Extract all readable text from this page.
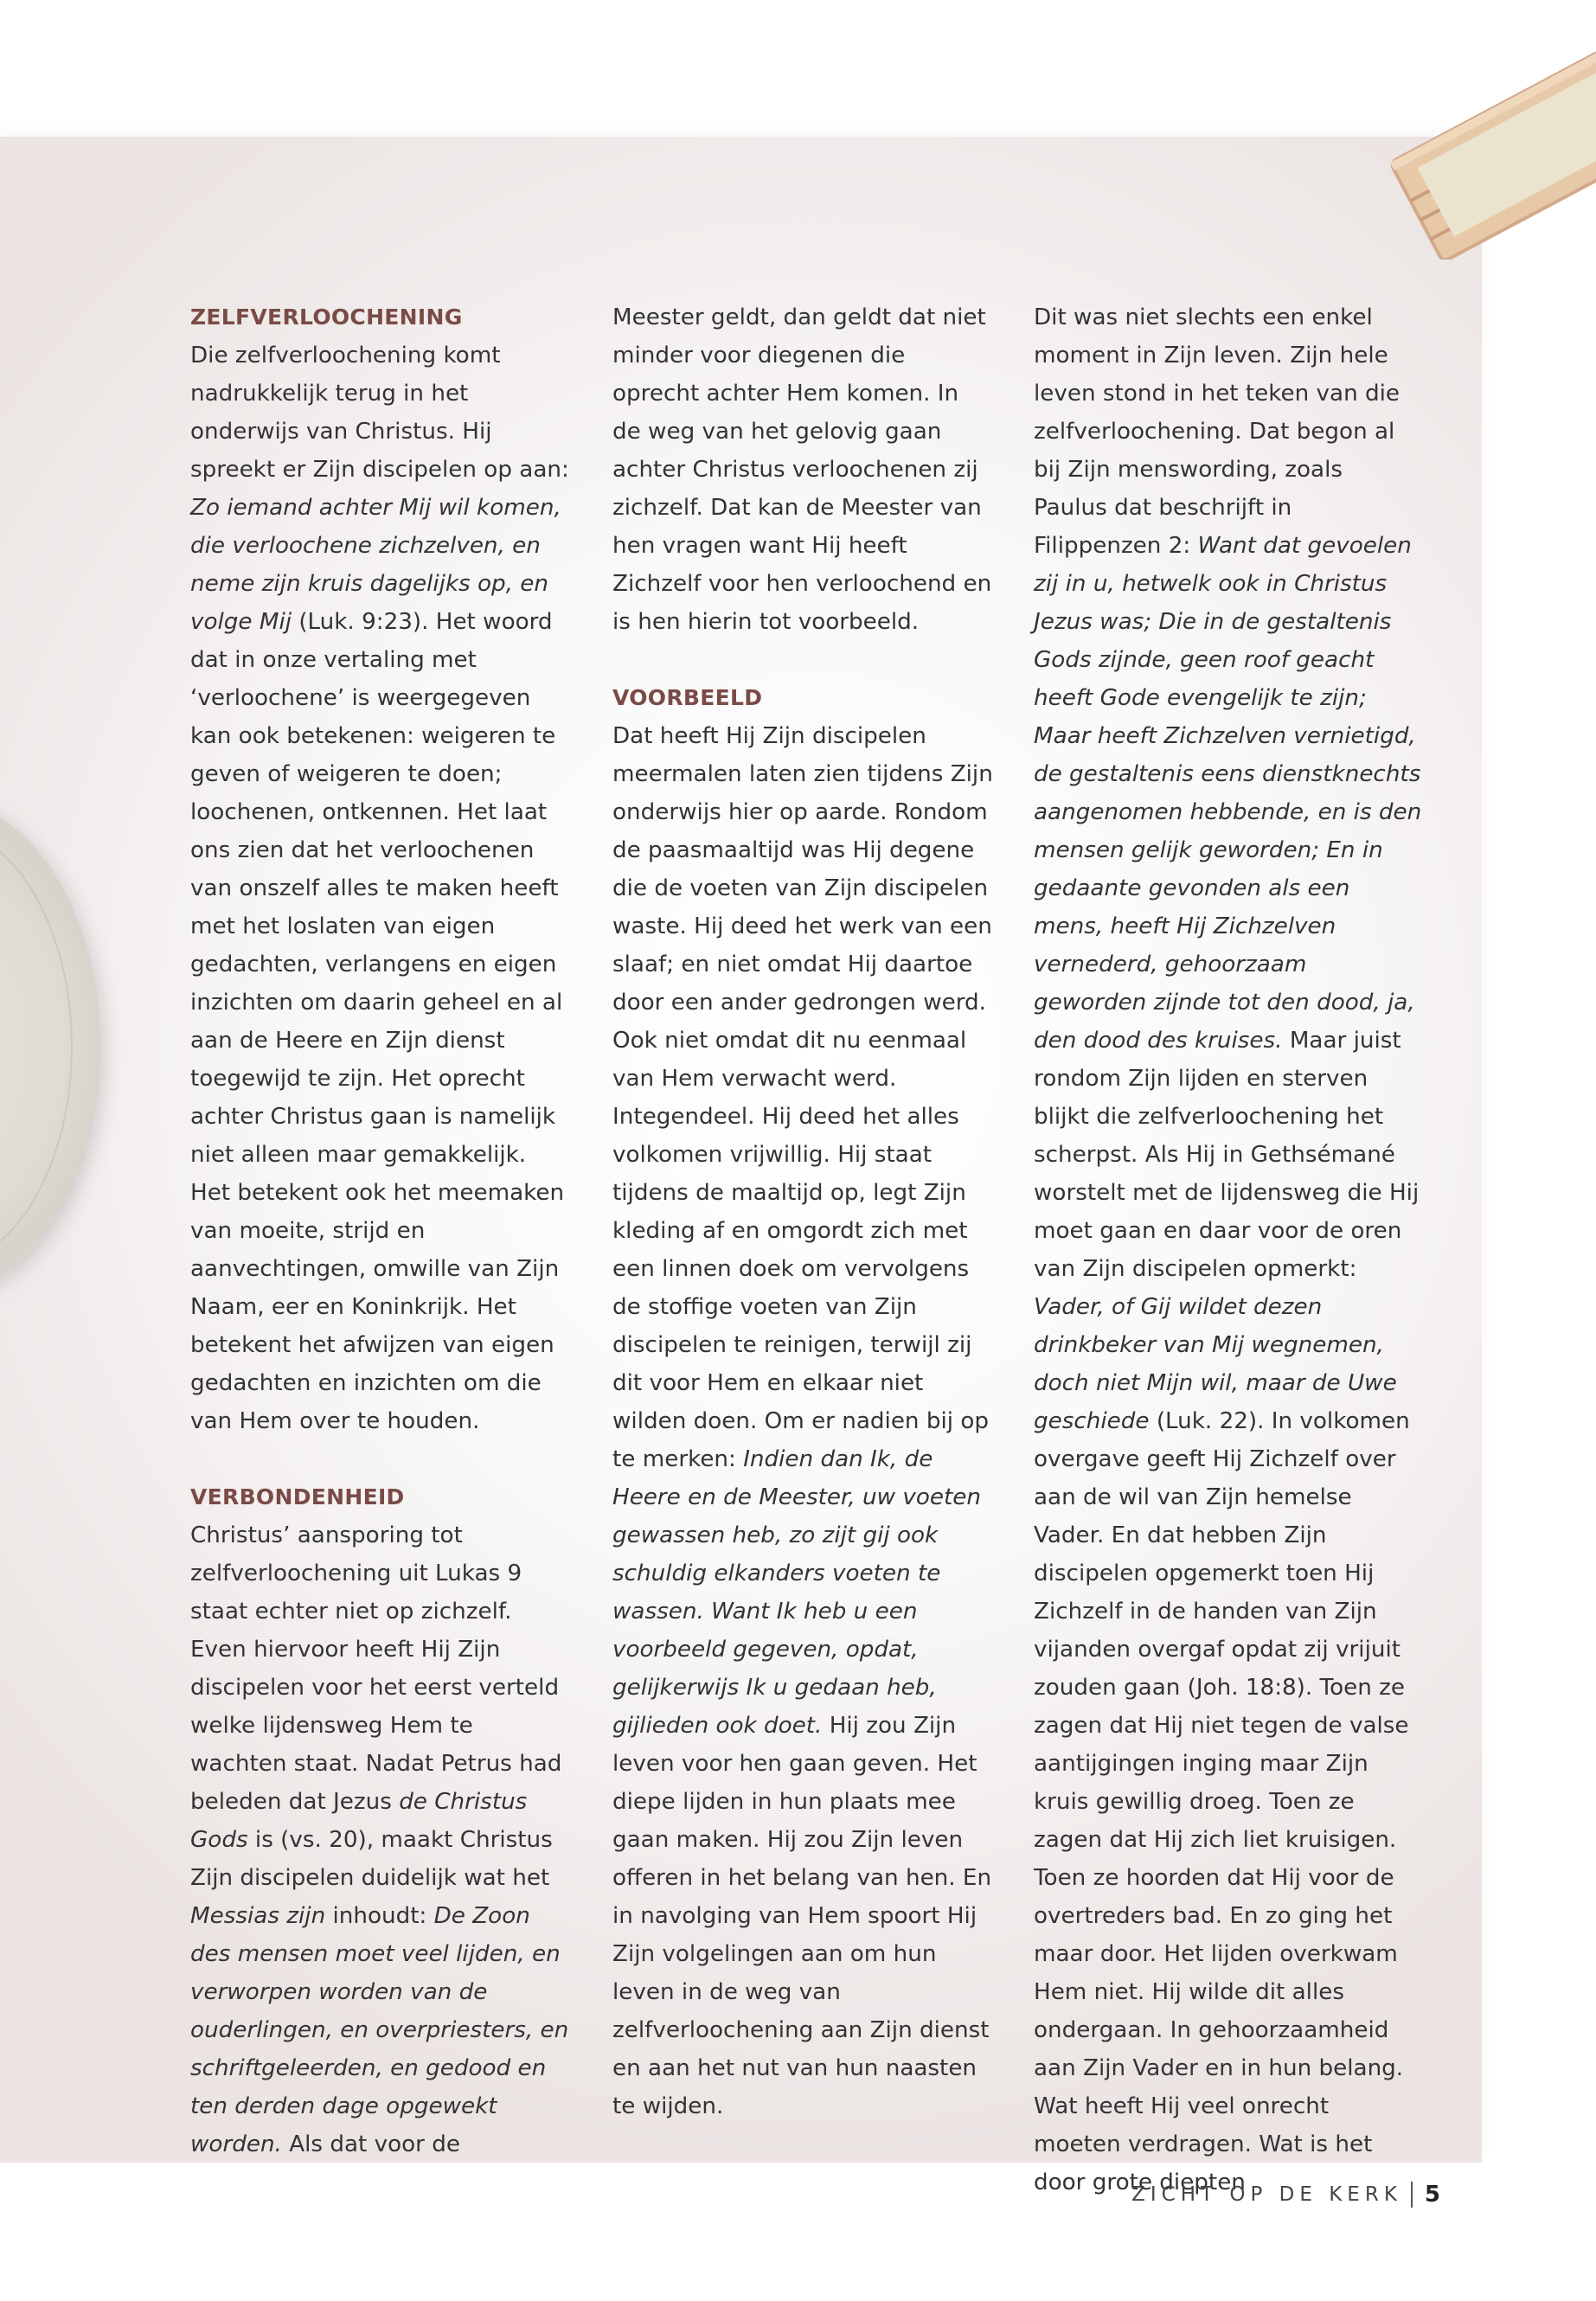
ZELFVERLOOCHENING

Die zelfverloochening komt nadrukkelijk terug in het onderwijs van Christus. Hij spreekt er Zijn discipelen op aan: Zo iemand achter Mij wil komen, die verloochene zichzelven, en neme zijn kruis dagelijks op, en volge Mij (Luk. 9:23). Het woord dat in onze vertaling met ‘verloochene’ is weergegeven kan ook betekenen: weigeren te geven of weigeren te doen; loochenen, ontkennen. Het laat ons zien dat het verloochenen van onszelf alles te maken heeft met het loslaten van eigen gedachten, verlangens en eigen inzichten om daarin geheel en al aan de Heere en Zijn dienst toegewijd te zijn. Het oprecht achter Christus gaan is namelijk niet alleen maar gemakkelijk. Het betekent ook het meemaken van moeite, strijd en aanvechtingen, omwille van Zijn Naam, eer en Koninkrijk. Het betekent het afwijzen van eigen gedachten en inzichten om die van Hem over te houden.

VERBONDENHEID

Christus’ aansporing tot zelfverloochening uit Lukas 9 staat echter niet op zichzelf. Even hiervoor heeft Hij Zijn discipelen voor het eerst verteld welke lijdensweg Hem te wachten staat. Nadat Petrus had beleden dat Jezus de Christus Gods is (vs. 20), maakt Christus Zijn discipelen duidelijk wat het Messias zijn inhoudt: De Zoon des mensen moet veel lijden, en verworpen worden van de ouderlingen, en overpriesters, en schriftgeleerden, en gedood en ten derden dage opgewekt worden. Als dat voor de

Meester geldt, dan geldt dat niet minder voor diegenen die oprecht achter Hem komen. In de weg van het gelovig gaan achter Christus verloochenen zij zichzelf. Dat kan de Meester van hen vragen want Hij heeft Zichzelf voor hen verloochend en is hen hierin tot voorbeeld.

VOORBEELD

Dat heeft Hij Zijn discipelen meermalen laten zien tijdens Zijn onderwijs hier op aarde. Rondom de paasmaaltijd was Hij degene die de voeten van Zijn discipelen waste. Hij deed het werk van een slaaf; en niet omdat Hij daartoe door een ander gedrongen werd. Ook niet omdat dit nu eenmaal van Hem verwacht werd. Integendeel. Hij deed het alles volkomen vrijwillig. Hij staat tijdens de maaltijd op, legt Zijn kleding af en omgordt zich met een linnen doek om vervolgens de stoffige voeten van Zijn discipelen te reinigen, terwijl zij dit voor Hem en elkaar niet wilden doen. Om er nadien bij op te merken: Indien dan Ik, de Heere en de Meester, uw voeten gewassen heb, zo zijt gij ook schuldig elkanders voeten te wassen. Want Ik heb u een voorbeeld gegeven, opdat, gelijkerwijs Ik u gedaan heb, gijlieden ook doet. Hij zou Zijn leven voor hen gaan geven. Het diepe lijden in hun plaats mee gaan maken. Hij zou Zijn leven offeren in het belang van hen. En in navolging van Hem spoort Hij Zijn volgelingen aan om hun leven in de weg van zelfverloochening aan Zijn dienst en aan het nut van hun naasten te wijden.

Dit was niet slechts een enkel moment in Zijn leven. Zijn hele leven stond in het teken van die zelfverloochening. Dat begon al bij Zijn menswording, zoals Paulus dat beschrijft in Filippenzen 2: Want dat gevoelen zij in u, hetwelk ook in Christus Jezus was; Die in de gestaltenis Gods zijnde, geen roof geacht heeft Gode evengelijk te zijn; Maar heeft Zichzelven vernietigd, de gestaltenis eens dienstknechts aangenomen hebbende, en is den mensen gelijk geworden; En in gedaante gevonden als een mens, heeft Hij Zichzelven vernederd, gehoorzaam geworden zijnde tot den dood, ja, den dood des kruises. Maar juist rondom Zijn lijden en sterven blijkt die zelfverloochening het scherpst. Als Hij in Gethsémané worstelt met de lijdensweg die Hij moet gaan en daar voor de oren van Zijn discipelen opmerkt: Vader, of Gij wildet dezen drinkbeker van Mij wegnemen, doch niet Mijn wil, maar de Uwe geschiede (Luk. 22). In volkomen overgave geeft Hij Zichzelf over aan de wil van Zijn hemelse Vader. En dat hebben Zijn discipelen opgemerkt toen Hij Zichzelf in de handen van Zijn vijanden overgaf opdat zij vrijuit zouden gaan (Joh. 18:8). Toen ze zagen dat Hij niet tegen de valse aantijgingen inging maar Zijn kruis gewillig droeg. Toen ze zagen dat Hij zich liet kruisigen. Toen ze hoorden dat Hij voor de overtreders bad. En zo ging het maar door. Het lijden overkwam Hem niet. Hij wilde dit alles ondergaan. In gehoorzaamheid aan Zijn Vader en in hun belang. Wat heeft Hij veel onrecht moeten verdragen. Wat is het door grote diepten

ZICHT OP DE KERK 5
